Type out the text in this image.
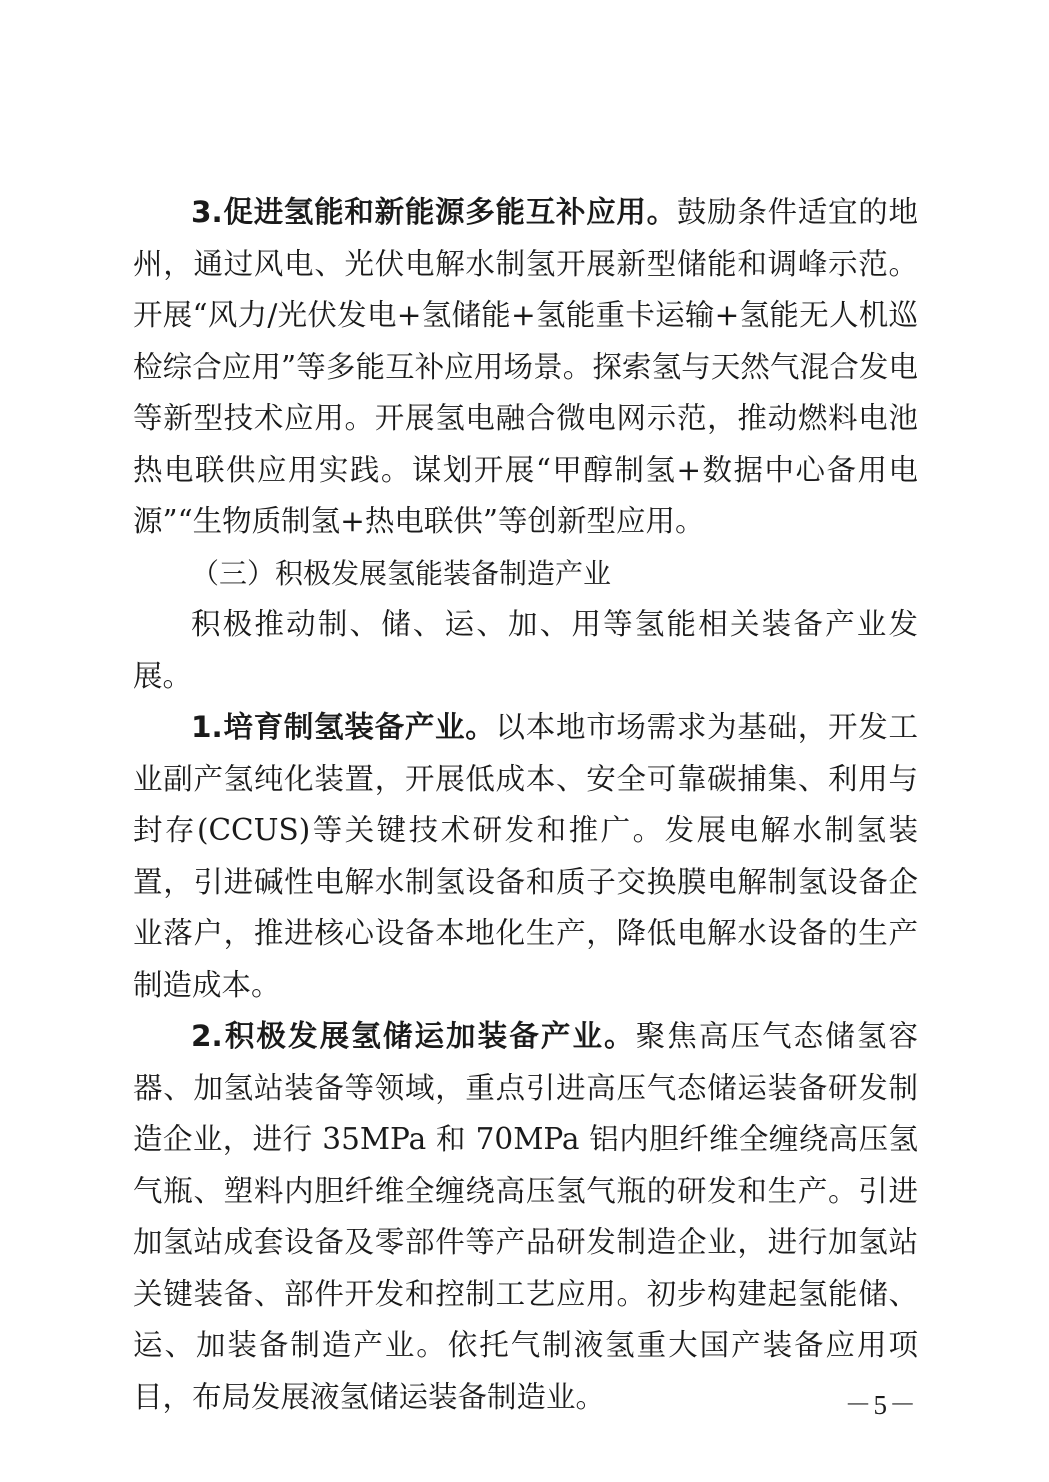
3.促进氢能和新能源多能互补应用。鼓励条件适宜的地州，通过风电、光伏电解水制氢开展新型储能和调峰示范。开展“风力/光伏发电+氢储能+氢能重卡运输+氢能无人机巡检综合应用”等多能互补应用场景。探索氢与天然气混合发电等新型技术应用。开展氢电融合微电网示范，推动燃料电池热电联供应用实践。谋划开展“甲醇制氢+数据中心备用电源”“生物质制氢+热电联供”等创新型应用。

（三）积极发展氢能装备制造产业

积极推动制、储、运、加、用等氢能相关装备产业发展。

1.培育制氢装备产业。以本地市场需求为基础，开发工业副产氢纯化装置，开展低成本、安全可靠碳捕集、利用与封存(CCUS)等关键技术研发和推广。发展电解水制氢装置，引进碱性电解水制氢设备和质子交换膜电解制氢设备企业落户，推进核心设备本地化生产，降低电解水设备的生产制造成本。

2.积极发展氢储运加装备产业。聚焦高压气态储氢容器、加氢站装备等领域，重点引进高压气态储运装备研发制造企业，进行 35MPa 和 70MPa 铝内胆纤维全缠绕高压氢气瓶、塑料内胆纤维全缠绕高压氢气瓶的研发和生产。引进加氢站成套设备及零部件等产品研发制造企业，进行加氢站关键装备、部件开发和控制工艺应用。初步构建起氢能储、运、加装备制造产业。依托气制液氢重大国产装备应用项目，布局发展液氢储运装备制造业。	－5－
